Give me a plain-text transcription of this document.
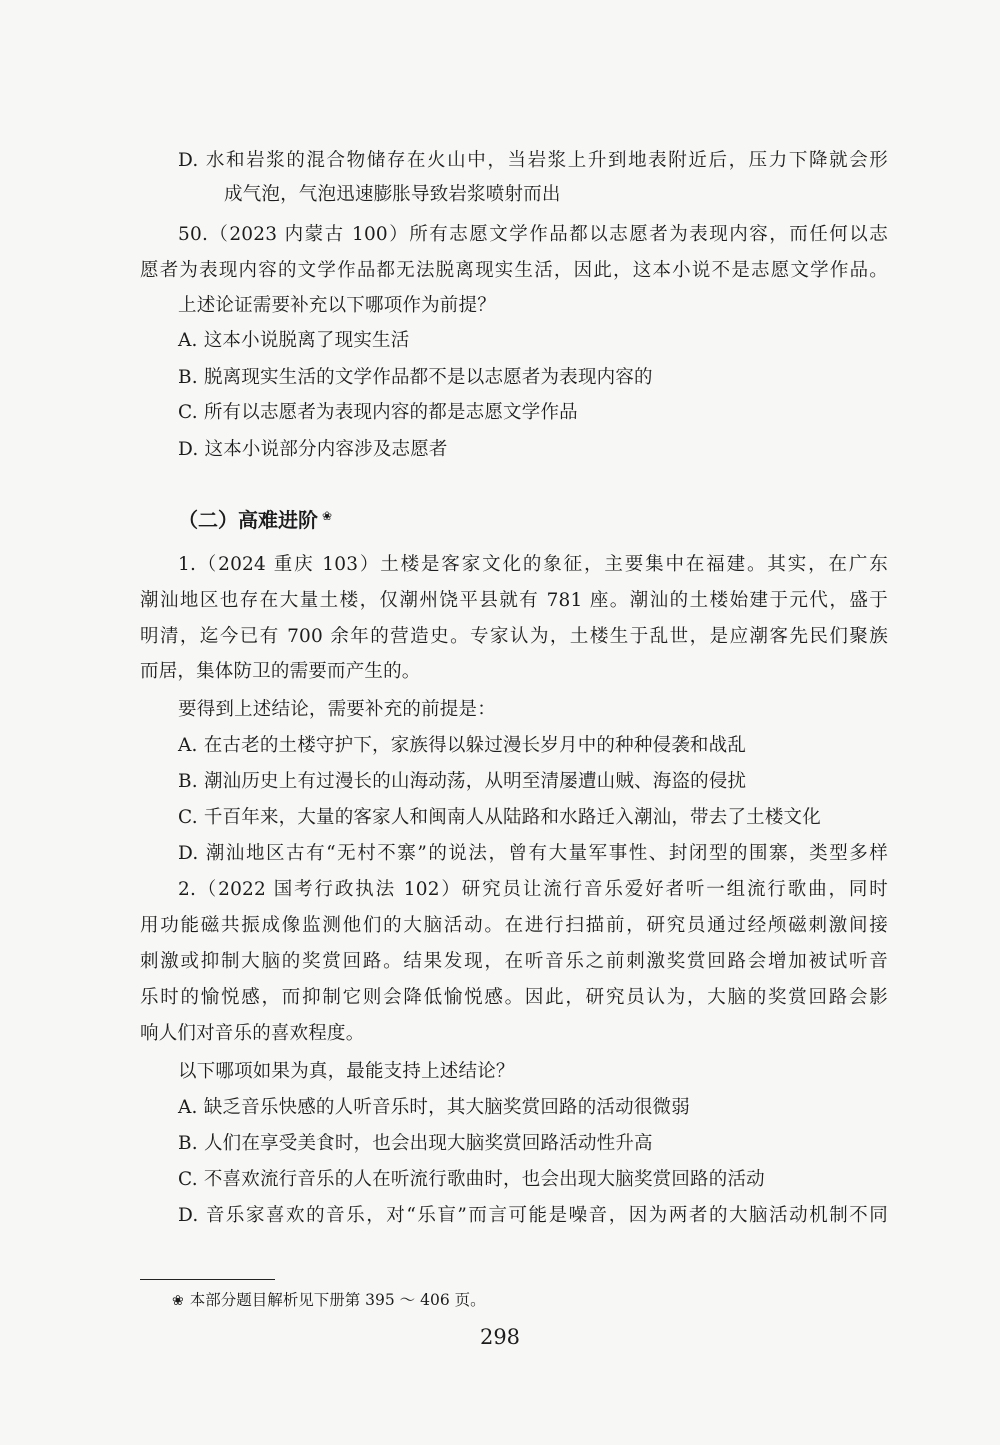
D. 水和岩浆的混合物储存在火山中，当岩浆上升到地表附近后，压力下降就会形
成气泡，气泡迅速膨胀导致岩浆喷射而出
50.（2023 内蒙古 100）所有志愿文学作品都以志愿者为表现内容，而任何以志
愿者为表现内容的文学作品都无法脱离现实生活，因此，这本小说不是志愿文学作品。
上述论证需要补充以下哪项作为前提？
A. 这本小说脱离了现实生活
B. 脱离现实生活的文学作品都不是以志愿者为表现内容的
C. 所有以志愿者为表现内容的都是志愿文学作品
D. 这本小说部分内容涉及志愿者
（二）高难进阶 ❀
1.（2024 重庆 103）土楼是客家文化的象征，主要集中在福建。其实，在广东
潮汕地区也存在大量土楼，仅潮州饶平县就有 781 座。潮汕的土楼始建于元代，盛于
明清，迄今已有 700 余年的营造史。专家认为，土楼生于乱世，是应潮客先民们聚族
而居，集体防卫的需要而产生的。
要得到上述结论，需要补充的前提是：
A. 在古老的土楼守护下，家族得以躲过漫长岁月中的种种侵袭和战乱
B. 潮汕历史上有过漫长的山海动荡，从明至清屡遭山贼、海盗的侵扰
C. 千百年来，大量的客家人和闽南人从陆路和水路迁入潮汕，带去了土楼文化
D. 潮汕地区古有“无村不寨”的说法，曾有大量军事性、封闭型的围寨，类型多样
2.（2022 国考行政执法 102）研究员让流行音乐爱好者听一组流行歌曲，同时
用功能磁共振成像监测他们的大脑活动。在进行扫描前，研究员通过经颅磁刺激间接
刺激或抑制大脑的奖赏回路。结果发现，在听音乐之前刺激奖赏回路会增加被试听音
乐时的愉悦感，而抑制它则会降低愉悦感。因此，研究员认为，大脑的奖赏回路会影
响人们对音乐的喜欢程度。
以下哪项如果为真，最能支持上述结论？
A. 缺乏音乐快感的人听音乐时，其大脑奖赏回路的活动很微弱
B. 人们在享受美食时，也会出现大脑奖赏回路活动性升高
C. 不喜欢流行音乐的人在听流行歌曲时，也会出现大脑奖赏回路的活动
D. 音乐家喜欢的音乐，对“乐盲”而言可能是噪音，因为两者的大脑活动机制不同
❀ 本部分题目解析见下册第 395 ～ 406 页。
298
